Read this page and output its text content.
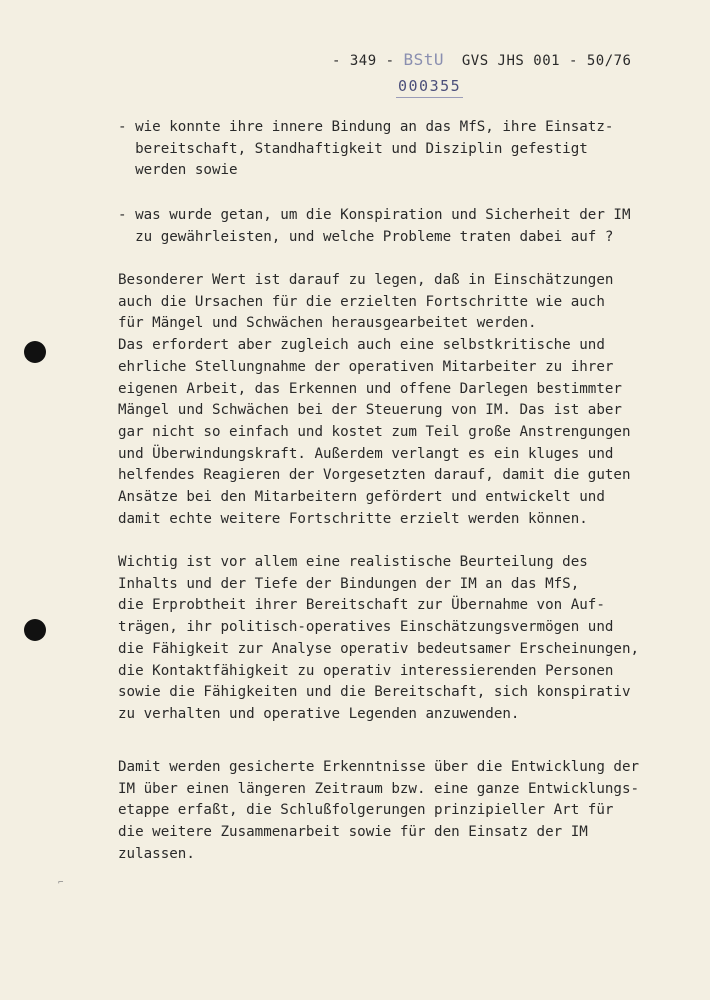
- 349 - BStU GVS JHS 001 - 50/76
000355
- wie konnte ihre innere Bindung an das MfS, ihre Einsatz-
bereitschaft, Standhaftigkeit und Disziplin gefestigt
werden sowie
- was wurde getan, um die Konspiration und Sicherheit der IM
zu gewährleisten, und welche Probleme traten dabei auf ?
Besonderer Wert ist darauf zu legen, daß in Einschätzungen
auch die Ursachen für die erzielten Fortschritte wie auch
für Mängel und Schwächen herausgearbeitet werden.
Das erfordert aber zugleich auch eine selbstkritische und
ehrliche Stellungnahme der operativen Mitarbeiter zu ihrer
eigenen Arbeit, das Erkennen und offene Darlegen bestimmter
Mängel und Schwächen bei der Steuerung von IM. Das ist aber
gar nicht so einfach und kostet zum Teil große Anstrengungen
und Überwindungskraft. Außerdem verlangt es ein kluges und
helfendes Reagieren der Vorgesetzten darauf, damit die guten
Ansätze bei den Mitarbeitern gefördert und entwickelt und
damit echte weitere Fortschritte erzielt werden können.
Wichtig ist vor allem eine realistische Beurteilung des
Inhalts und der Tiefe der Bindungen der IM an das MfS,
die Erprobtheit ihrer Bereitschaft zur Übernahme von Auf-
trägen, ihr politisch-operatives Einschätzungsvermögen und
die Fähigkeit zur Analyse operativ bedeutsamer Erscheinungen,
die Kontaktfähigkeit zu operativ interessierenden Personen
sowie die Fähigkeiten und die Bereitschaft, sich konspirativ
zu verhalten und operative Legenden anzuwenden.
Damit werden gesicherte Erkenntnisse über die Entwicklung der
IM über einen längeren Zeitraum bzw. eine ganze Entwicklungs-
etappe erfaßt, die Schlußfolgerungen prinzipieller Art für
die weitere Zusammenarbeit sowie für den Einsatz der IM
zulassen.
⌐
